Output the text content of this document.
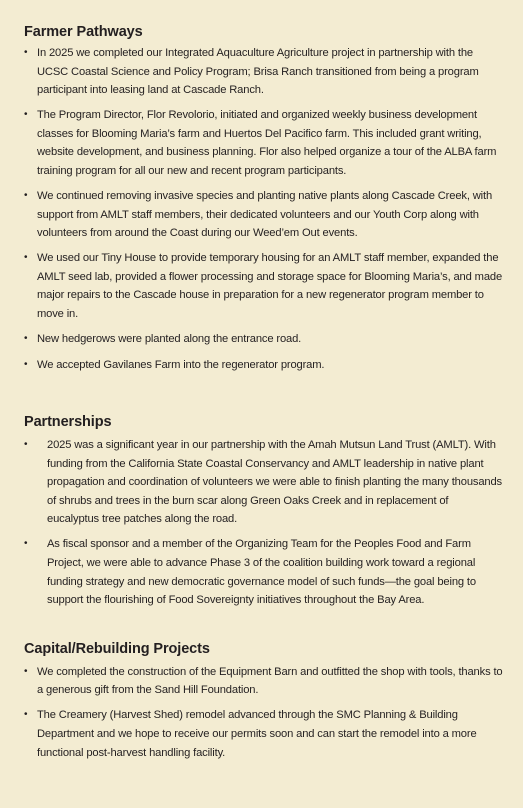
Farmer Pathways
• In 2025 we completed our Integrated Aquaculture Agriculture project in partnership with the UCSC Coastal Science and Policy Program; Brisa Ranch transitioned from being a program participant into leasing land at Cascade Ranch.
• The Program Director, Flor Revolorio, initiated and organized weekly business development classes for Blooming Maria’s farm and Huertos Del Pacifico farm. This included grant writing, website development, and business planning. Flor also helped organize a tour of the ALBA farm training program for all our new and recent program participants.
• We continued removing invasive species and planting native plants along Cascade Creek, with support from AMLT staff members, their dedicated volunteers and our Youth Corp along with volunteers from around the Coast during our Weed’em Out events.
• We used our Tiny House to provide temporary housing for an AMLT staff member, expanded the AMLT seed lab, provided a flower processing and storage space for Blooming Maria’s, and made major repairs to the Cascade house in preparation for a new regenerator program member to move in.
• New hedgerows were planted along the entrance road.
• We accepted Gavilanes Farm into the regenerator program.
Partnerships
• 2025 was a significant year in our partnership with the Amah Mutsun Land Trust (AMLT). With funding from the California State Coastal Conservancy and AMLT leadership in native plant propagation and coordination of volunteers we were able to finish planting the many thousands of shrubs and trees in the burn scar along Green Oaks Creek and in replacement of eucalyptus tree patches along the road.
• As fiscal sponsor and a member of the Organizing Team for the Peoples Food and Farm Project, we were able to advance Phase 3 of the coalition building work toward a regional funding strategy and new democratic governance model of such funds—the goal being to support the flourishing of Food Sovereignty initiatives throughout the Bay Area.
Capital/Rebuilding Projects
• We completed the construction of the Equipment Barn and outfitted the shop with tools, thanks to a generous gift from the Sand Hill Foundation.
• The Creamery (Harvest Shed) remodel advanced through the SMC Planning & Building Department and we hope to receive our permits soon and can start the remodel into a more functional post-harvest handling facility.
